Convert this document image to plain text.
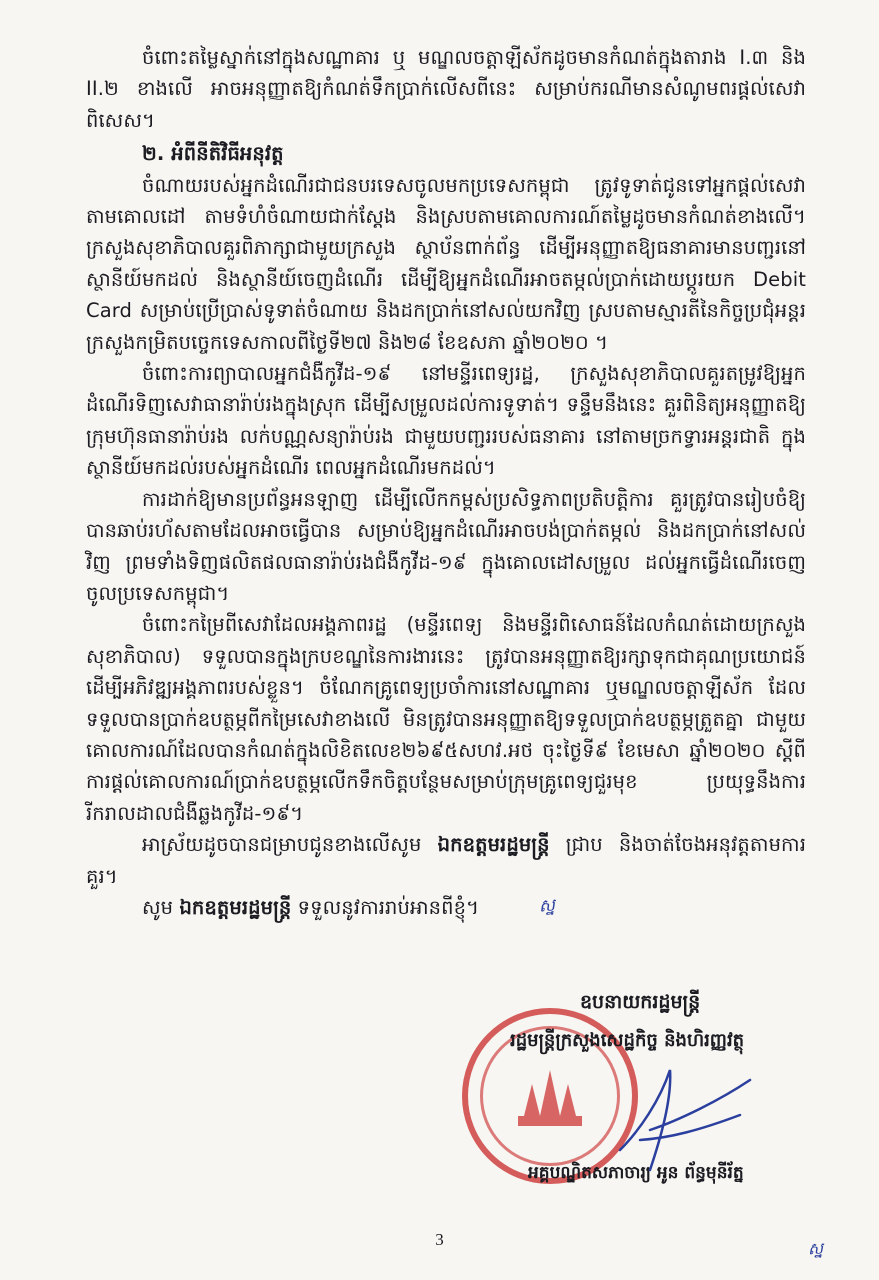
ចំពោះតម្លៃស្នាក់នៅក្នុងសណ្ឋាគារ ឬ មណ្ឌលចត្តាឡីស័កដូចមានកំណត់ក្នុងតារាង I.៣ និង II.២ ខាងលើ អាចអនុញ្ញាតឱ្យកំណត់ទឹកប្រាក់លើសពីនេះ សម្រាប់ករណីមានសំណូមពរផ្តល់សេវាពិសេស។

២. អំពីនីតិវិធីអនុវត្ត

ចំណាយរបស់អ្នកដំណើរជាជនបរទេសចូលមកប្រទេសកម្ពុជា ត្រូវទូទាត់ជូនទៅអ្នកផ្តល់សេវាតាមគោលដៅ តាមទំហំចំណាយជាក់ស្តែង និងស្របតាមគោលការណ៍តម្លៃដូចមានកំណត់ខាងលើ។ ក្រសួងសុខាភិបាលគួរពិភាក្សាជាមួយក្រសួង ស្ថាប័នពាក់ព័ន្ធ ដើម្បីអនុញ្ញាតឱ្យធនាគារមានបញ្ជរនៅស្ថានីយ៍មកដល់ និងស្ថានីយ៍ចេញដំណើរ ដើម្បីឱ្យអ្នកដំណើរអាចតម្កល់ប្រាក់ដោយប្តូរយក Debit Card សម្រាប់ប្រើប្រាស់ទូទាត់ចំណាយ និងដកប្រាក់នៅសល់យកវិញ ស្របតាមស្មារតីនៃកិច្ចប្រជុំអន្តរក្រសួងកម្រិតបច្ចេកទេសកាលពីថ្ងៃទី២៧ និង២៨ ខែឧសភា ឆ្នាំ២០២០ ។

ចំពោះការព្យាបាលអ្នកជំងឺកូវីដ-១៩ នៅមន្ទីរពេទ្យរដ្ឋ, ក្រសួងសុខាភិបាលគួរតម្រូវឱ្យអ្នកដំណើរទិញសេវាធានារ៉ាប់រងក្នុងស្រុក ដើម្បីសម្រួលដល់ការទូទាត់។ ទន្ទឹមនឹងនេះ គួរពិនិត្យអនុញ្ញាតឱ្យក្រុមហ៊ុនធានារ៉ាប់រង លក់បណ្ណសន្យារ៉ាប់រង ជាមួយបញ្ជររបស់ធនាគារ នៅតាមច្រកទ្វារអន្តរជាតិ ក្នុងស្ថានីយ៍មកដល់របស់អ្នកដំណើរ ពេលអ្នកដំណើរមកដល់។

ការដាក់ឱ្យមានប្រព័ន្ធអនឡាញ ដើម្បីលើកកម្ពស់ប្រសិទ្ធភាពប្រតិបត្តិការ គួរត្រូវបានរៀបចំឱ្យបានឆាប់រហ័សតាមដែលអាចធ្វើបាន សម្រាប់ឱ្យអ្នកដំណើរអាចបង់ប្រាក់តម្កល់ និងដកប្រាក់នៅសល់វិញ ព្រមទាំងទិញផលិតផលធានារ៉ាប់រងជំងឺកូវីដ-១៩ ក្នុងគោលដៅសម្រួល ដល់អ្នកធ្វើដំណើរចេញចូលប្រទេសកម្ពុជា។

ចំពោះកម្រៃពីសេវាដែលអង្គភាពរដ្ឋ (មន្ទីរពេទ្យ និងមន្ទីរពិសោធន៍ដែលកំណត់ដោយក្រសួងសុខាភិបាល) ទទួលបានក្នុងក្របខណ្ឌនៃការងារនេះ ត្រូវបានអនុញ្ញាតឱ្យរក្សាទុកជាគុណប្រយោជន៍ដើម្បីអភិវឌ្ឍអង្គភាពរបស់ខ្លួន។ ចំណែកគ្រូពេទ្យប្រចាំការនៅសណ្ឋាគារ ឬមណ្ឌលចត្តាឡីស័ក ដែលទទួលបានប្រាក់ឧបត្ថម្ភពីកម្រៃសេវាខាងលើ មិនត្រូវបានអនុញ្ញាតឱ្យទទួលប្រាក់ឧបត្ថម្ភត្រួតគ្នា ជាមួយគោលការណ៍ដែលបានកំណត់ក្នុងលិខិតលេខ២៦៩៥សហវ.អថ ចុះថ្ងៃទី៩ ខែមេសា ឆ្នាំ២០២០ ស្តីពីការផ្តល់គោលការណ៍ប្រាក់ឧបត្ថម្ភលើកទឹកចិត្តបន្ថែមសម្រាប់ក្រុមគ្រូពេទ្យជួរមុខ ប្រយុទ្ធនឹងការរីករាលដាលជំងឺឆ្លងកូវីដ-១៩។

អាស្រ័យដូចបានជម្រាបជូនខាងលើសូម ឯកឧត្តមរដ្ឋមន្ត្រី ជ្រាប និងចាត់ចែងអនុវត្តតាមការគួរ។

សូម ឯកឧត្តមរដ្ឋមន្ត្រី ទទួលនូវការរាប់អានពីខ្ញុំ។	ស្ន

ឧបនាយករដ្ឋមន្ត្រី
រដ្ឋមន្ត្រីក្រសួងសេដ្ឋកិច្ច និងហិរញ្ញវត្ថុ
អគ្គបណ្ឌិតសភាចារ្យ អូន ព័ន្ធមុនីរ័ត្ន
3	ស្ន
